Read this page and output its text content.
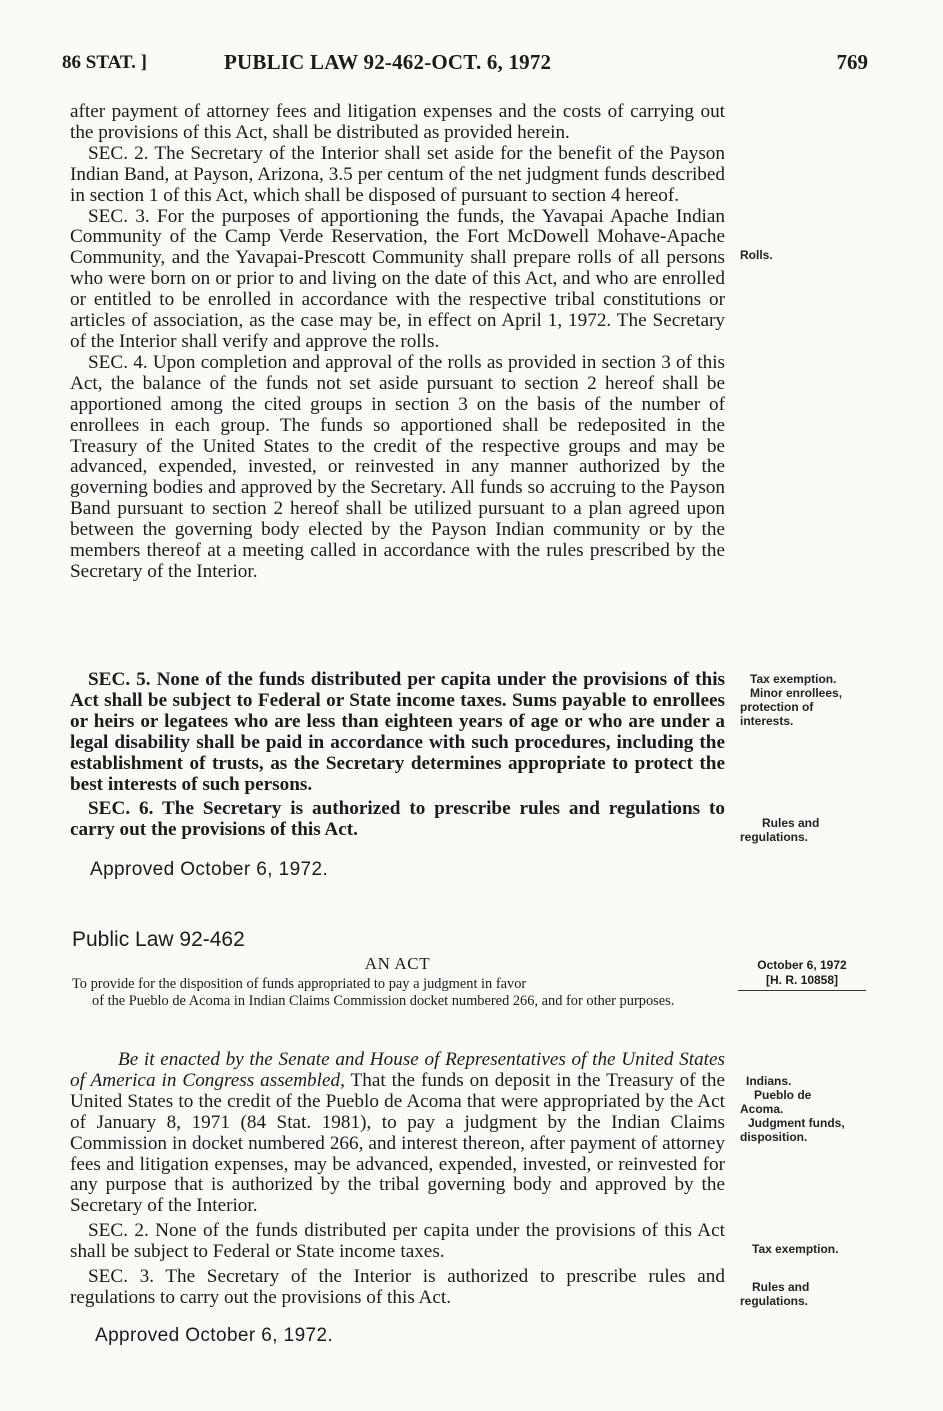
86 STAT. ]	PUBLIC LAW 92-462-OCT. 6, 1972	769

after payment of attorney fees and litigation expenses and the costs of carrying out the provisions of this Act, shall be distributed as provided herein.

SEC. 2. The Secretary of the Interior shall set aside for the benefit of the Payson Indian Band, at Payson, Arizona, 3.5 per centum of the net judgment funds described in section 1 of this Act, which shall be disposed of pursuant to section 4 hereof.

SEC. 3. For the purposes of apportioning the funds, the Yavapai Apache Indian Community of the Camp Verde Reservation, the Fort McDowell Mohave-Apache Community, and the Yavapai-Prescott Community shall prepare rolls of all persons who were born on or prior to and living on the date of this Act, and who are enrolled or entitled to be enrolled in accordance with the respective tribal constitutions or articles of association, as the case may be, in effect on April 1, 1972. The Secretary of the Interior shall verify and approve the rolls.

SEC. 4. Upon completion and approval of the rolls as provided in section 3 of this Act, the balance of the funds not set aside pursuant to section 2 hereof shall be apportioned among the cited groups in section 3 on the basis of the number of enrollees in each group. The funds so apportioned shall be redeposited in the Treasury of the United States to the credit of the respective groups and may be advanced, expended, invested, or reinvested in any manner authorized by the governing bodies and approved by the Secretary. All funds so accruing to the Payson Band pursuant to section 2 hereof shall be utilized pursuant to a plan agreed upon between the governing body elected by the Payson Indian community or by the members thereof at a meeting called in accordance with the rules prescribed by the Secretary of the Interior.

SEC. 5. None of the funds distributed per capita under the provisions of this Act shall be subject to Federal or State income taxes. Sums payable to enrollees or heirs or legatees who are less than eighteen years of age or who are under a legal disability shall be paid in accordance with such procedures, including the establishment of trusts, as the Secretary determines appropriate to protect the best interests of such persons.

SEC. 6. The Secretary is authorized to prescribe rules and regulations to carry out the provisions of this Act.

Approved October 6, 1972.
Public Law 92-462
AN ACT
To provide for the disposition of funds appropriated to pay a judgment in favor
of the Pueblo de Acoma in Indian Claims Commission docket numbered 266, and for other purposes.

Be it enacted by the Senate and House of Representatives of the United States of America in Congress assembled, That the funds on deposit in the Treasury of the United States to the credit of the Pueblo de Acoma that were appropriated by the Act of January 8, 1971 (84 Stat. 1981), to pay a judgment by the Indian Claims Commission in docket numbered 266, and interest thereon, after payment of attorney fees and litigation expenses, may be advanced, expended, invested, or reinvested for any purpose that is authorized by the tribal governing body and approved by the Secretary of the Interior.

SEC. 2. None of the funds distributed per capita under the provisions of this Act shall be subject to Federal or State income taxes.

SEC. 3. The Secretary of the Interior is authorized to prescribe rules and regulations to carry out the provisions of this Act.

Approved October 6, 1972.
Rolls.
Tax exemption.
Minor enrollees,
protection of
interests.
Rules and
regulations.
October 6, 1972
[H. R. 10858]
Indians.
Pueblo de
Acoma.
Judgment funds,
disposition.
Tax exemption.
Rules and
regulations.
